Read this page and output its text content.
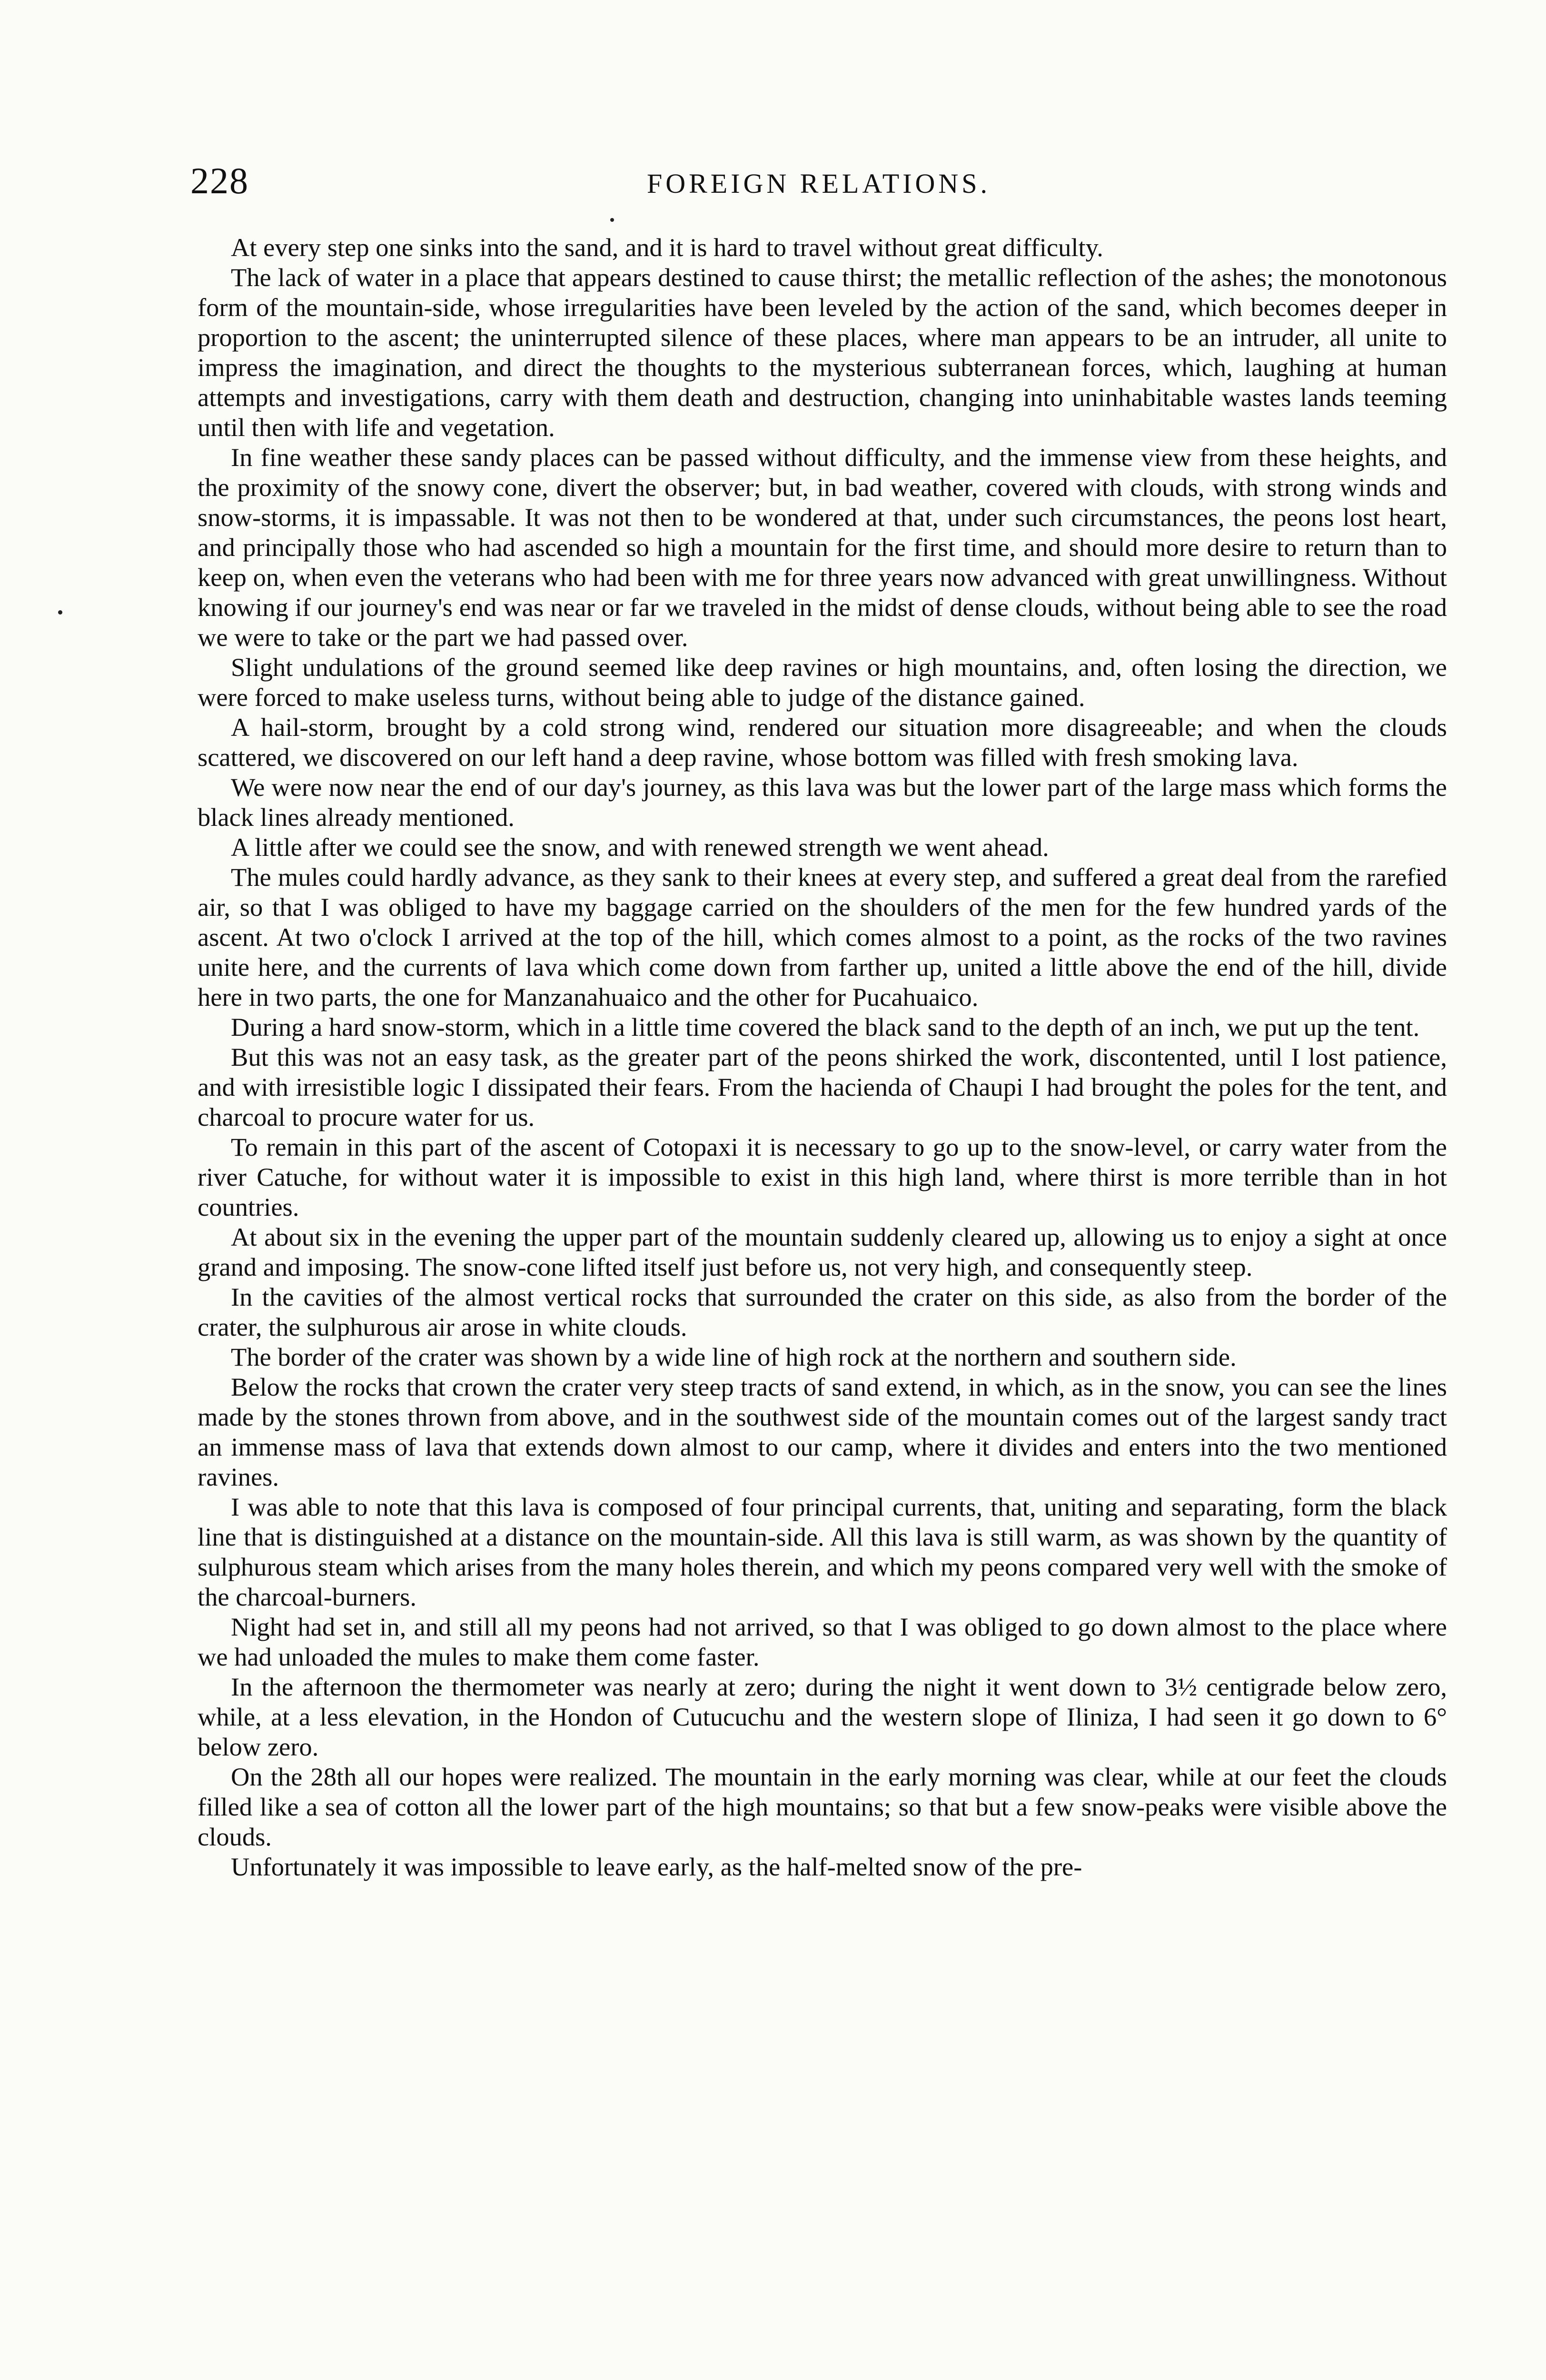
228	FOREIGN RELATIONS.

At every step one sinks into the sand, and it is hard to travel without great difficulty.

The lack of water in a place that appears destined to cause thirst; the metallic reflection of the ashes; the monotonous form of the mountain-side, whose irregularities have been leveled by the action of the sand, which becomes deeper in proportion to the ascent; the uninterrupted silence of these places, where man appears to be an intruder, all unite to impress the imagination, and direct the thoughts to the mysterious subterranean forces, which, laughing at human attempts and investigations, carry with them death and destruction, changing into uninhabitable wastes lands teeming until then with life and vegetation.

In fine weather these sandy places can be passed without difficulty, and the immense view from these heights, and the proximity of the snowy cone, divert the observer; but, in bad weather, covered with clouds, with strong winds and snow-storms, it is impassable. It was not then to be wondered at that, under such circumstances, the peons lost heart, and principally those who had ascended so high a mountain for the first time, and should more desire to return than to keep on, when even the veterans who had been with me for three years now advanced with great unwillingness. Without knowing if our journey's end was near or far we traveled in the midst of dense clouds, without being able to see the road we were to take or the part we had passed over.

Slight undulations of the ground seemed like deep ravines or high mountains, and, often losing the direction, we were forced to make useless turns, without being able to judge of the distance gained.

A hail-storm, brought by a cold strong wind, rendered our situation more disagreeable; and when the clouds scattered, we discovered on our left hand a deep ravine, whose bottom was filled with fresh smoking lava.

We were now near the end of our day's journey, as this lava was but the lower part of the large mass which forms the black lines already mentioned.

A little after we could see the snow, and with renewed strength we went ahead.

The mules could hardly advance, as they sank to their knees at every step, and suffered a great deal from the rarefied air, so that I was obliged to have my baggage carried on the shoulders of the men for the few hundred yards of the ascent. At two o'clock I arrived at the top of the hill, which comes almost to a point, as the rocks of the two ravines unite here, and the currents of lava which come down from farther up, united a little above the end of the hill, divide here in two parts, the one for Manzanahuaico and the other for Pucahuaico.

During a hard snow-storm, which in a little time covered the black sand to the depth of an inch, we put up the tent.

But this was not an easy task, as the greater part of the peons shirked the work, discontented, until I lost patience, and with irresistible logic I dissipated their fears. From the hacienda of Chaupi I had brought the poles for the tent, and charcoal to procure water for us.

To remain in this part of the ascent of Cotopaxi it is necessary to go up to the snow-level, or carry water from the river Catuche, for without water it is impossible to exist in this high land, where thirst is more terrible than in hot countries.

At about six in the evening the upper part of the mountain suddenly cleared up, allowing us to enjoy a sight at once grand and imposing. The snow-cone lifted itself just before us, not very high, and consequently steep.

In the cavities of the almost vertical rocks that surrounded the crater on this side, as also from the border of the crater, the sulphurous air arose in white clouds.

The border of the crater was shown by a wide line of high rock at the northern and southern side.

Below the rocks that crown the crater very steep tracts of sand extend, in which, as in the snow, you can see the lines made by the stones thrown from above, and in the southwest side of the mountain comes out of the largest sandy tract an immense mass of lava that extends down almost to our camp, where it divides and enters into the two mentioned ravines.

I was able to note that this lava is composed of four principal currents, that, uniting and separating, form the black line that is distinguished at a distance on the mountain-side. All this lava is still warm, as was shown by the quantity of sulphurous steam which arises from the many holes therein, and which my peons compared very well with the smoke of the charcoal-burners.

Night had set in, and still all my peons had not arrived, so that I was obliged to go down almost to the place where we had unloaded the mules to make them come faster.

In the afternoon the thermometer was nearly at zero; during the night it went down to 3½ centigrade below zero, while, at a less elevation, in the Hondon of Cutucuchu and the western slope of Iliniza, I had seen it go down to 6° below zero.

On the 28th all our hopes were realized. The mountain in the early morning was clear, while at our feet the clouds filled like a sea of cotton all the lower part of the high mountains; so that but a few snow-peaks were visible above the clouds.

Unfortunately it was impossible to leave early, as the half-melted snow of the pre-
